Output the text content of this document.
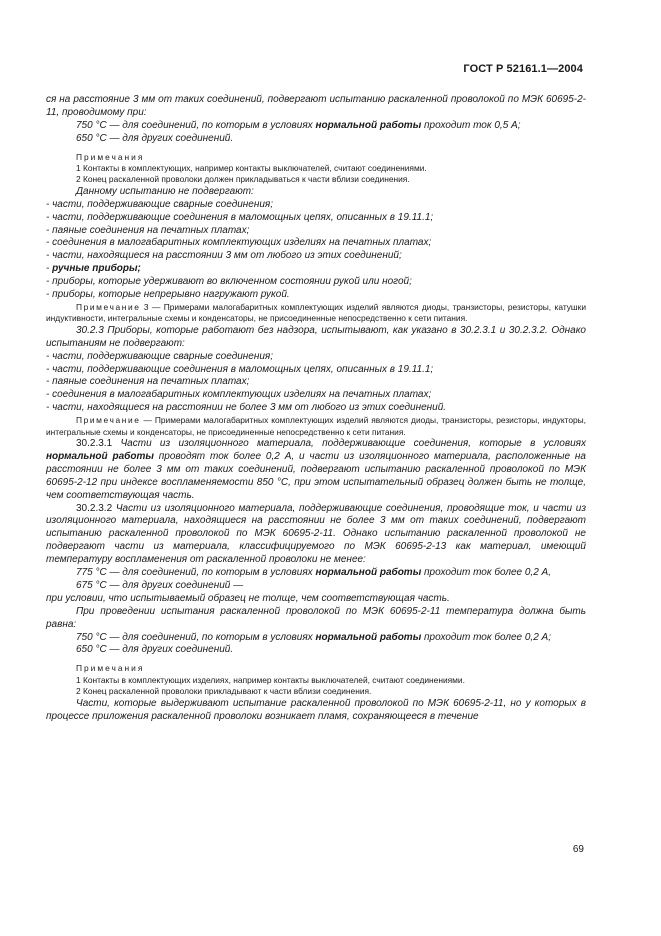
ГОСТ Р 52161.1—2004

ся на расстояние 3 мм от таких соединений, подвергают испытанию раскаленной проволокой по МЭК 60695-2-11, проводимому при:

750 °С — для соединений, по которым в условиях нормальной работы проходит ток 0,5 А;

650 °С — для других соединений.

Примечания

1 Контакты в комплектующих, например контакты выключателей, считают соединениями.

2 Конец раскаленной проволоки должен прикладываться к части вблизи соединения.

Данному испытанию не подвергают:

- части, поддерживающие сварные соединения;

- части, поддерживающие соединения в маломощных цепях, описанных в 19.11.1;

- паяные соединения на печатных платах;

- соединения в малогабаритных комплектующих изделиях на печатных платах;

- части, находящиеся на расстоянии 3 мм от любого из этих соединений;

- ручные приборы;

- приборы, которые удерживают во включенном состоянии рукой или ногой;

- приборы, которые непрерывно нагружают рукой.

Примечание 3 — Примерами малогабаритных комплектующих изделий являются диоды, транзисторы, резисторы, катушки индуктивности, интегральные схемы и конденсаторы, не присоединенные непосредственно к сети питания.

30.2.3 Приборы, которые работают без надзора, испытывают, как указано в 30.2.3.1 и 30.2.3.2. Однако испытаниям не подвергают:

- части, поддерживающие сварные соединения;

- части, поддерживающие соединения в маломощных цепях, описанных в 19.11.1;

- паяные соединения на печатных платах;

- соединения в малогабаритных комплектующих изделиях на печатных платах;

- части, находящиеся на расстоянии не более 3 мм от любого из этих соединений.

Примечание — Примерами малогабаритных комплектующих изделий являются диоды, транзисторы, резисторы, индукторы, интегральные схемы и конденсаторы, не присоединенные непосредственно к сети питания.

30.2.3.1 Части из изоляционного материала, поддерживающие соединения, которые в условиях нормальной работы проводят ток более 0,2 А, и части из изоляционного материала, расположенные на расстоянии не более 3 мм от таких соединений, подвергают испытанию раскаленной проволокой по МЭК 60695-2-12 при индексе воспламеняемости 850 °С, при этом испытательный образец должен быть не толще, чем соответствующая часть.

30.2.3.2 Части из изоляционного материала, поддерживающие соединения, проводящие ток, и части из изоляционного материала, находящиеся на расстоянии не более 3 мм от таких соединений, подвергают испытанию раскаленной проволокой по МЭК 60695-2-11. Однако испытанию раскаленной проволокой не подвергают части из материала, классифицируемого по МЭК 60695-2-13 как материал, имеющий температуру воспламенения от раскаленной проволоки не менее:

775 °С — для соединений, по которым в условиях нормальной работы проходит ток более 0,2 А,

675 °С — для других соединений —

при условии, что испытываемый образец не толще, чем соответствующая часть.

При проведении испытания раскаленной проволокой по МЭК 60695-2-11 температура должна быть равна:

750 °С — для соединений, по которым в условиях нормальной работы проходит ток более 0,2 А;

650 °С — для других соединений.

Примечания

1 Контакты в комплектующих изделиях, например контакты выключателей, считают соединениями.

2 Конец раскаленной проволоки прикладывают к части вблизи соединения.

Части, которые выдерживают испытание раскаленной проволокой по МЭК 60695-2-11, но у которых в процессе приложения раскаленной проволоки возникает пламя, сохраняющееся в течение

69
